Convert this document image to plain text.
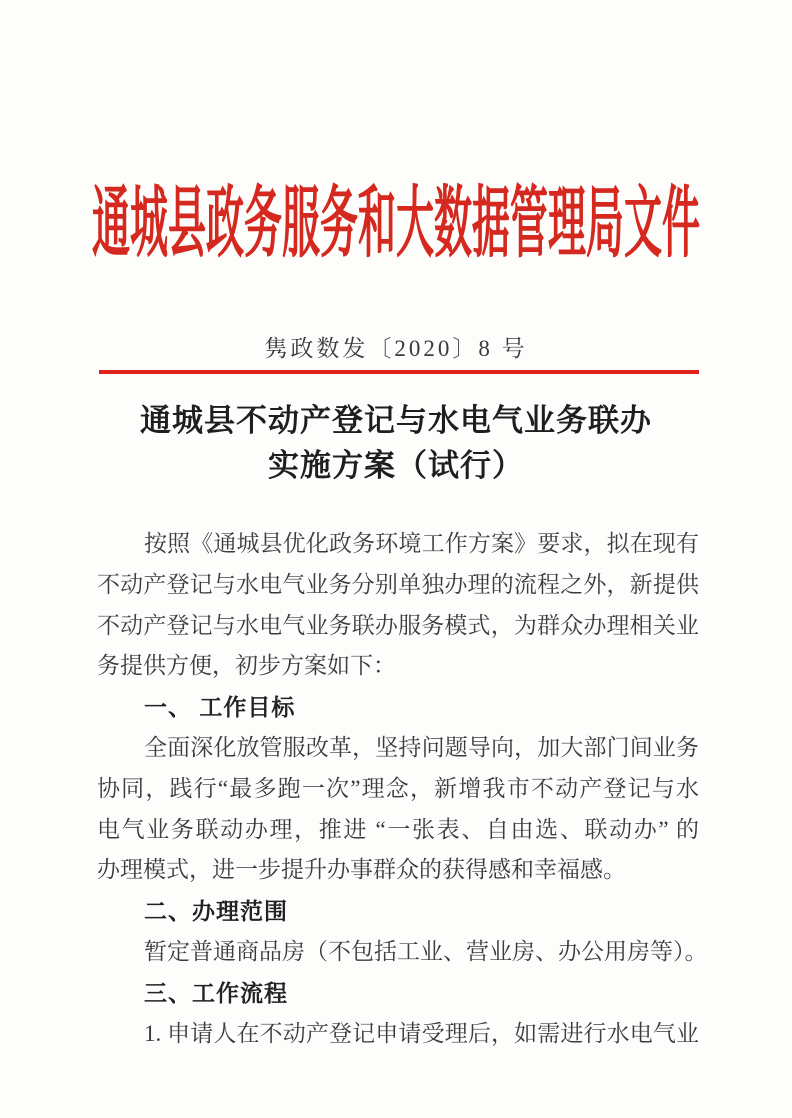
通城县政务服务和大数据管理局文件
隽政数发〔2020〕8 号
通城县不动产登记与水电气业务联办
实施方案（试行）
按照《通城县优化政务环境工作方案》要求，拟在现有
不动产登记与水电气业务分别单独办理的流程之外，新提供
不动产登记与水电气业务联办服务模式，为群众办理相关业
务提供方便，初步方案如下：
一、 工作目标
全面深化放管服改革，坚持问题导向，加大部门间业务
协同，践行“最多跑一次”理念，新增我市不动产登记与水
电气业务联动办理，推进 “一张表、自由选、联动办” 的
办理模式，进一步提升办事群众的获得感和幸福感。
二、办理范围
暂定普通商品房（不包括工业、营业房、办公用房等）。
三、工作流程
1. 申请人在不动产登记申请受理后，如需进行水电气业
